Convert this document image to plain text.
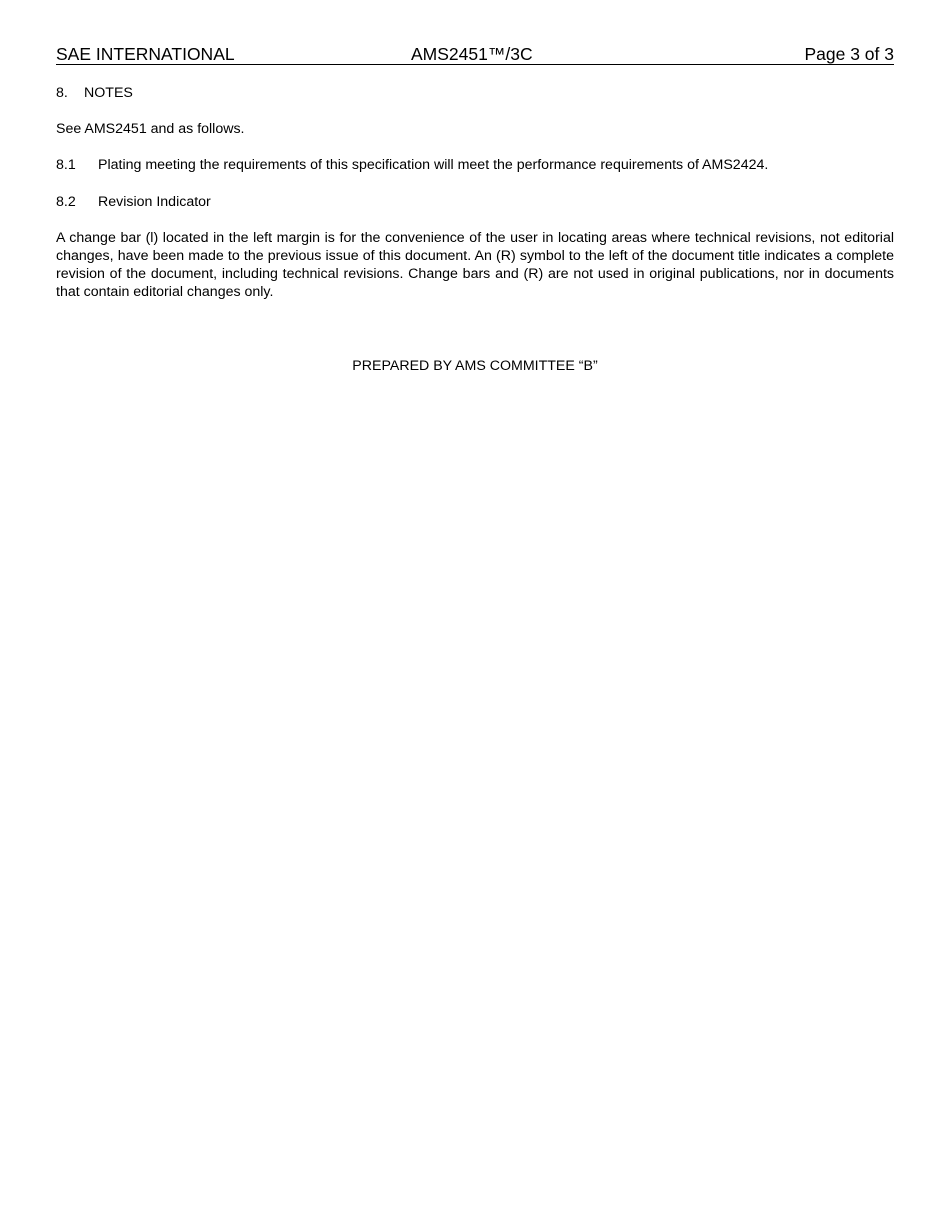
SAE INTERNATIONAL	AMS2451™/3C	Page 3 of 3
8. NOTES
See AMS2451 and as follows.
8.1 Plating meeting the requirements of this specification will meet the performance requirements of AMS2424.
8.2 Revision Indicator
A change bar (l) located in the left margin is for the convenience of the user in locating areas where technical revisions, not editorial changes, have been made to the previous issue of this document. An (R) symbol to the left of the document title indicates a complete revision of the document, including technical revisions. Change bars and (R) are not used in original publications, nor in documents that contain editorial changes only.
PREPARED BY AMS COMMITTEE “B”
